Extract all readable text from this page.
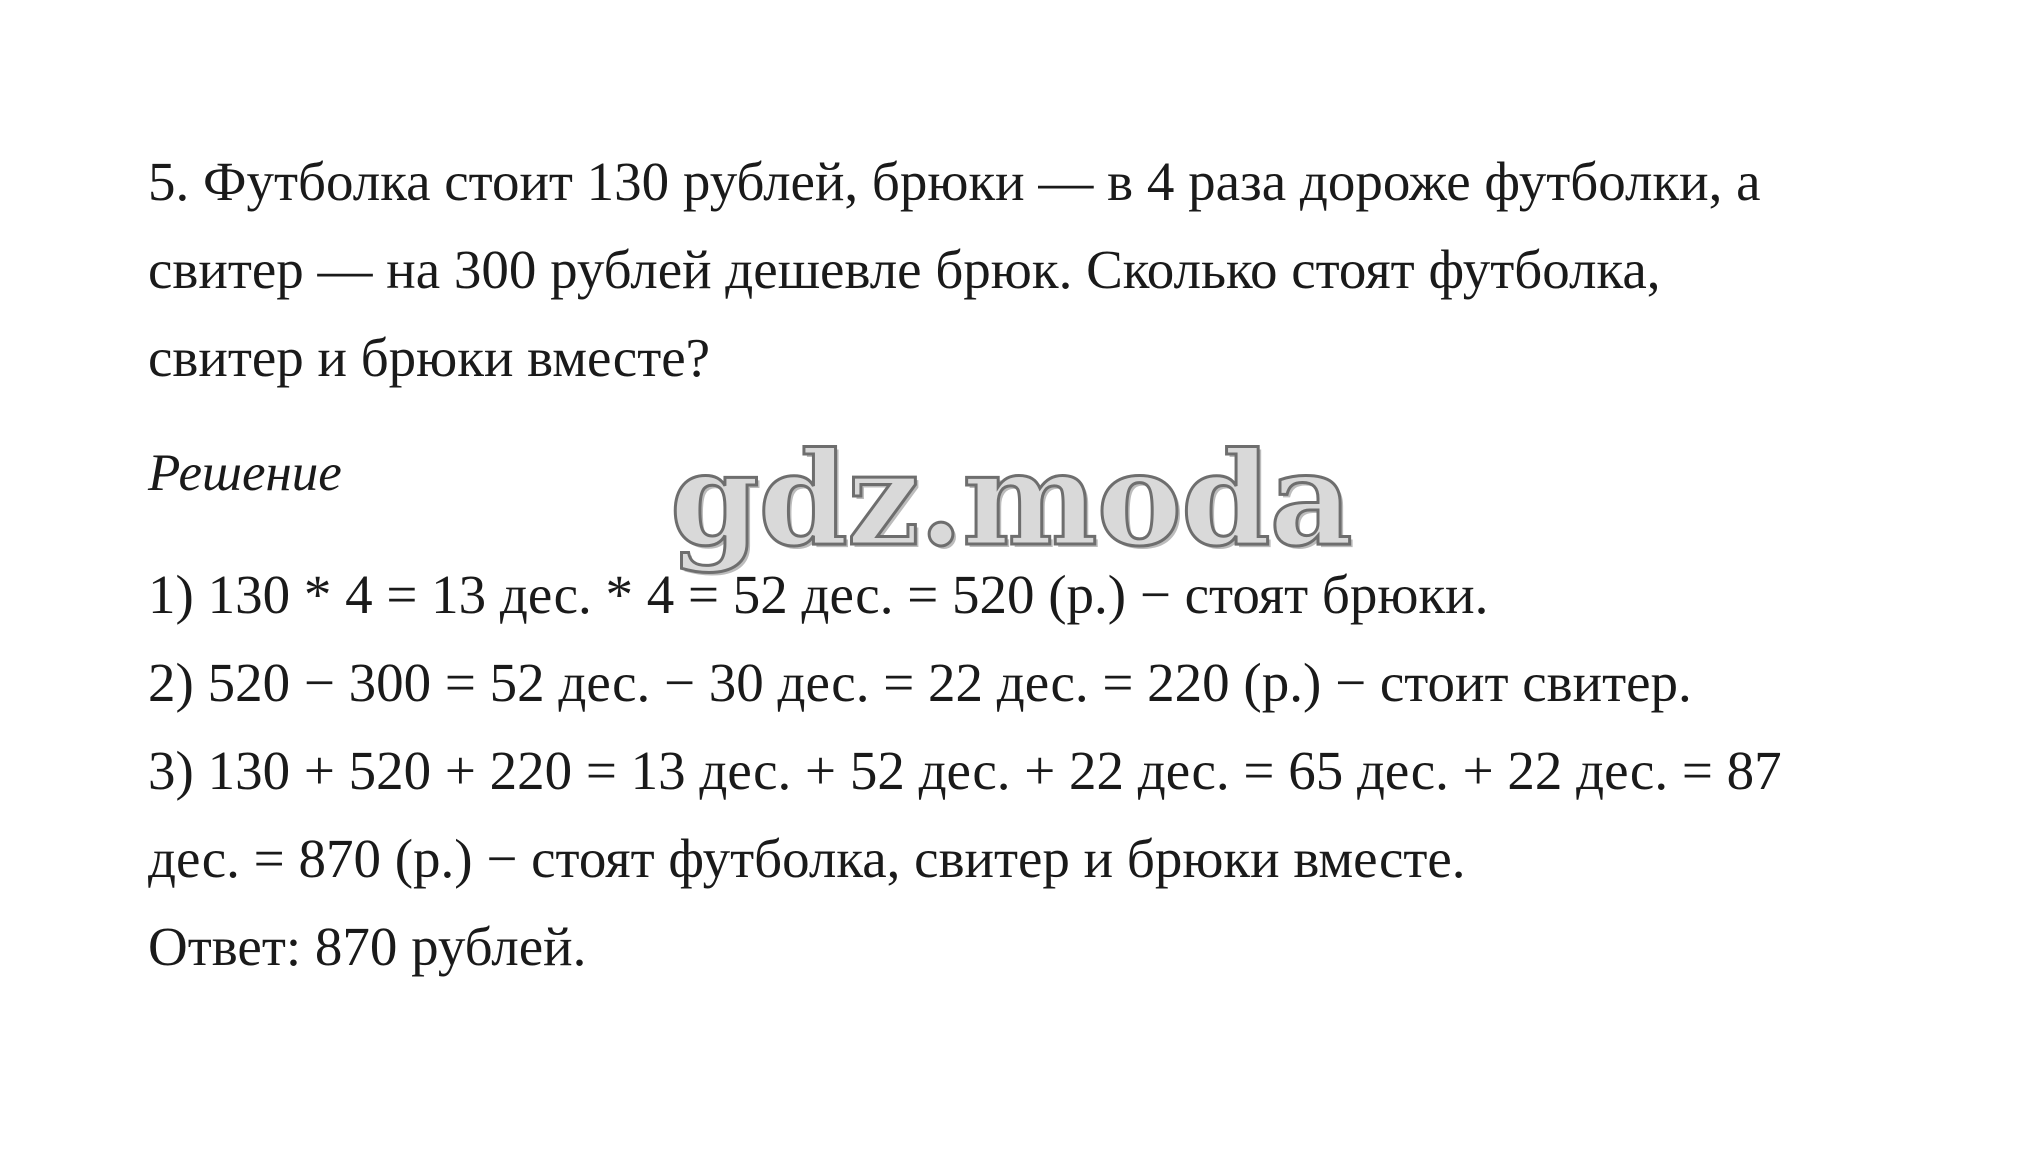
5. Футболка стоит 130 рублей, брюки — в 4 раза дороже футболки, а
свитер — на 300 рублей дешевле брюк. Сколько стоят футболка,
свитер и брюки вместе?

Решение	gdz.moda

1) 130 * 4 = 13 дес. * 4 = 52 дес. = 520 (р.) − стоят брюки.
2) 520 − 300 = 52 дес. − 30 дес. = 22 дес. = 220 (р.) − стоит свитер.
3) 130 + 520 + 220 = 13 дес. + 52 дес. + 22 дес. = 65 дес. + 22 дес. = 87
дес. = 870 (р.) − стоят футболка, свитер и брюки вместе.
Ответ: 870 рублей.
